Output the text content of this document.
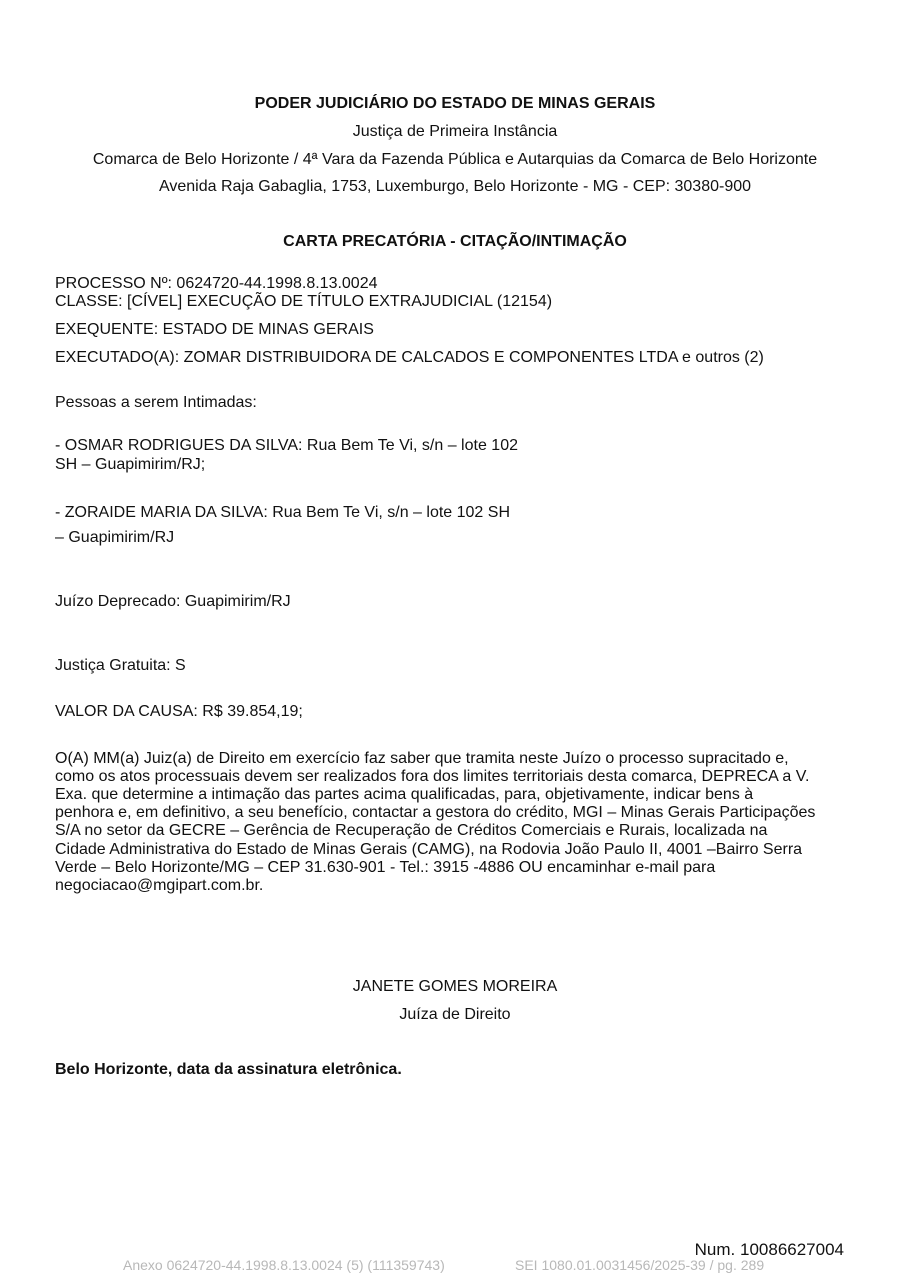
PODER JUDICIÁRIO DO ESTADO DE MINAS GERAIS
Justiça de Primeira Instância
Comarca de Belo Horizonte / 4ª Vara da Fazenda Pública e Autarquias da Comarca de Belo Horizonte
Avenida Raja Gabaglia, 1753, Luxemburgo, Belo Horizonte - MG - CEP: 30380-900
CARTA PRECATÓRIA - CITAÇÃO/INTIMAÇÃO
PROCESSO Nº: 0624720-44.1998.8.13.0024
CLASSE: [CÍVEL] EXECUÇÃO DE TÍTULO EXTRAJUDICIAL (12154)
EXEQUENTE: ESTADO DE MINAS GERAIS
EXECUTADO(A): ZOMAR DISTRIBUIDORA DE CALCADOS E COMPONENTES LTDA e outros (2)
Pessoas a serem Intimadas:
- OSMAR RODRIGUES DA SILVA: Rua Bem Te Vi, s/n – lote 102
SH – Guapimirim/RJ;
- ZORAIDE MARIA DA SILVA: Rua Bem Te Vi, s/n – lote 102 SH
– Guapimirim/RJ
Juízo Deprecado: Guapimirim/RJ
Justiça Gratuita: S
VALOR DA CAUSA: R$ 39.854,19;
O(A) MM(a) Juiz(a) de Direito em exercício faz saber que tramita neste Juízo o processo supracitado e,
como os atos processuais devem ser realizados fora dos limites territoriais desta comarca, DEPRECA a V.
Exa. que determine a intimação das partes acima qualificadas, para, objetivamente, indicar bens à
penhora e, em definitivo, a seu benefício, contactar a gestora do crédito, MGI – Minas Gerais Participações
S/A no setor da GECRE – Gerência de Recuperação de Créditos Comerciais e Rurais, localizada na
Cidade Administrativa do Estado de Minas Gerais (CAMG), na Rodovia João Paulo II, 4001 –Bairro Serra
Verde – Belo Horizonte/MG – CEP 31.630-901 - Tel.: 3915 -4886 OU encaminhar e-mail para
negociacao@mgipart.com.br.
JANETE GOMES MOREIRA
Juíza de Direito
Belo Horizonte, data da assinatura eletrônica.
Num. 10086627004
Anexo 0624720-44.1998.8.13.0024 (5) (111359743)	SEI 1080.01.0031456/2025-39 / pg. 289
